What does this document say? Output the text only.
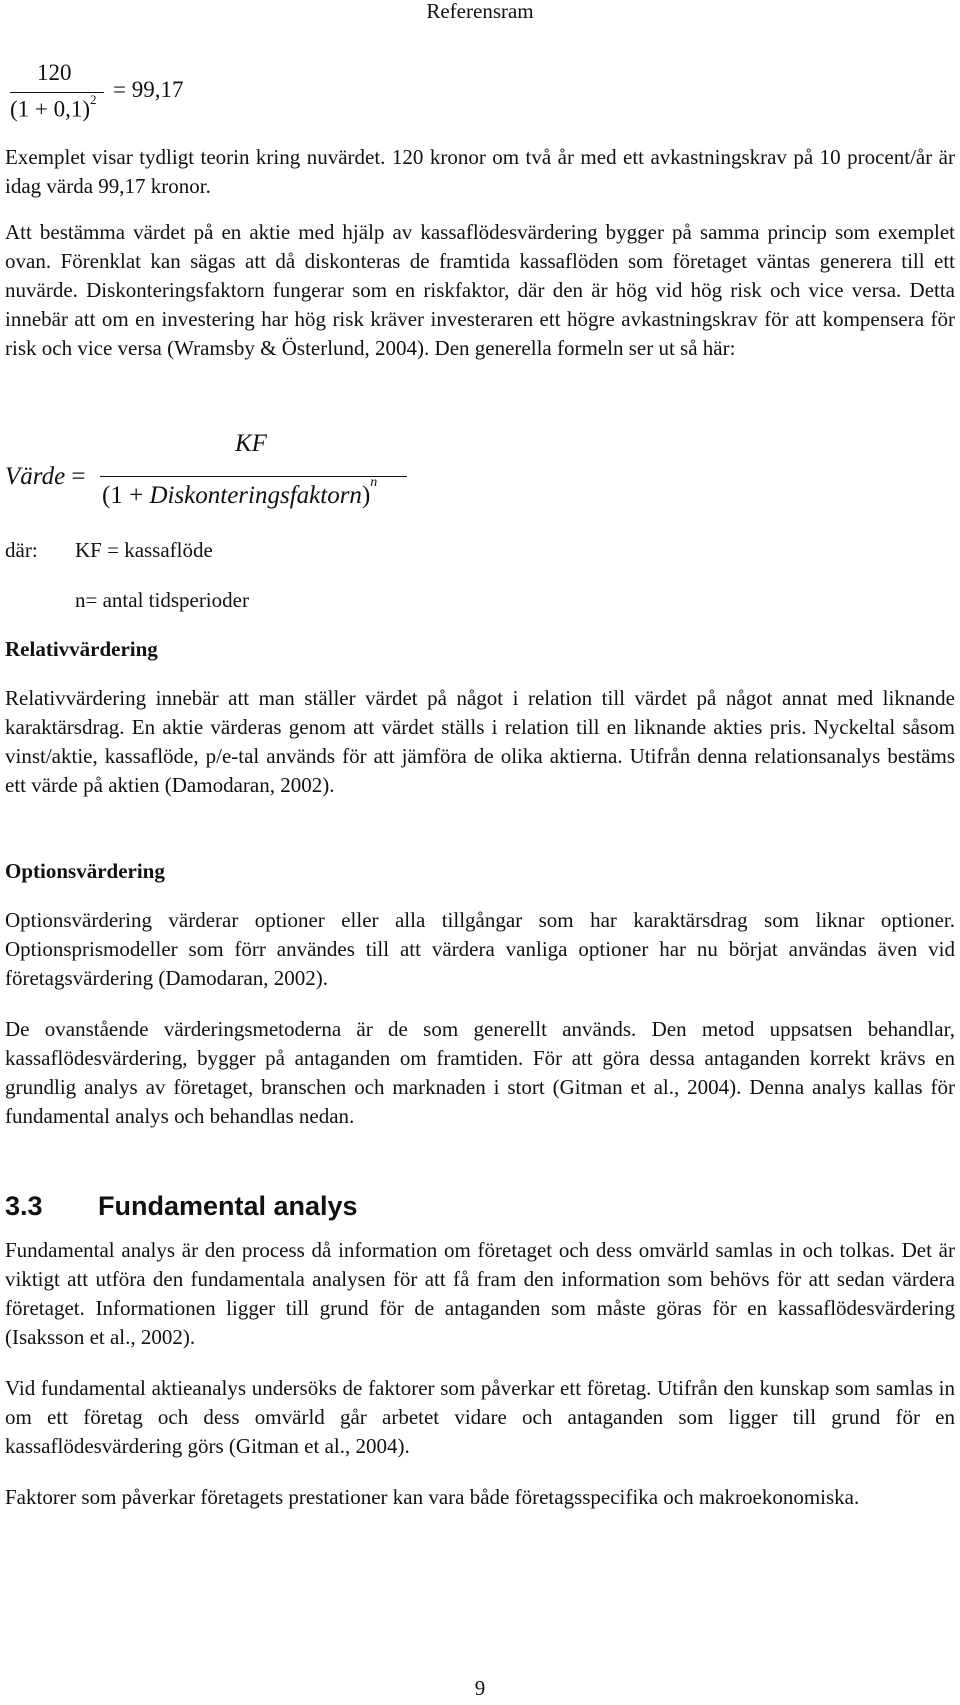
Referensram
120
$(1 + 0,1)^2 = 99,17$

Exemplet visar tydligt teorin kring nuvärdet. 120 kronor om två år med ett avkastningskrav på 10 procent/år är idag värda 99,17 kronor.

Att bestämma värdet på en aktie med hjälp av kassaflödesvärdering bygger på samma princip som exemplet ovan. Förenklat kan sägas att då diskonteras de framtida kassaflöden som företaget väntas generera till ett nuvärde. Diskonteringsfaktorn fungerar som en riskfaktor, där den är hög vid hög risk och vice versa. Detta innebär att om en investering har hög risk kräver investeraren ett högre avkastningskrav för att kompensera för risk och vice versa (Wramsby & Österlund, 2004). Den generella formeln ser ut så här:

Värde =
KF
(1 + Diskonteringsfaktorn)$^n$
där: KF = kassaflöde
n= antal tidsperioder
Relativvärdering

Relativvärdering innebär att man ställer värdet på något i relation till värdet på något annat med liknande karaktärsdrag. En aktie värderas genom att värdet ställs i relation till en liknande akties pris. Nyckeltal såsom vinst/aktie, kassaflöde, p/e-tal används för att jämföra de olika aktierna. Utifrån denna relationsanalys bestäms ett värde på aktien (Damodaran, 2002).

Optionsvärdering

Optionsvärdering värderar optioner eller alla tillgångar som har karaktärsdrag som liknar optioner. Optionsprismodeller som förr användes till att värdera vanliga optioner har nu börjat användas även vid företagsvärdering (Damodaran, 2002).

De ovanstående värderingsmetoderna är de som generellt används. Den metod uppsatsen behandlar, kassaflödesvärdering, bygger på antaganden om framtiden. För att göra dessa antaganden korrekt krävs en grundlig analys av företaget, branschen och marknaden i stort (Gitman et al., 2004). Denna analys kallas för fundamental analys och behandlas nedan.

3.3 Fundamental analys

Fundamental analys är den process då information om företaget och dess omvärld samlas in och tolkas. Det är viktigt att utföra den fundamentala analysen för att få fram den information som behövs för att sedan värdera företaget. Informationen ligger till grund för de antaganden som måste göras för en kassaflödesvärdering (Isaksson et al., 2002).

Vid fundamental aktieanalys undersöks de faktorer som påverkar ett företag. Utifrån den kunskap som samlas in om ett företag och dess omvärld går arbetet vidare och antaganden som ligger till grund för en kassaflödesvärdering görs (Gitman et al., 2004).

Faktorer som påverkar företagets prestationer kan vara både företagsspecifika och makroekonomiska.

9
